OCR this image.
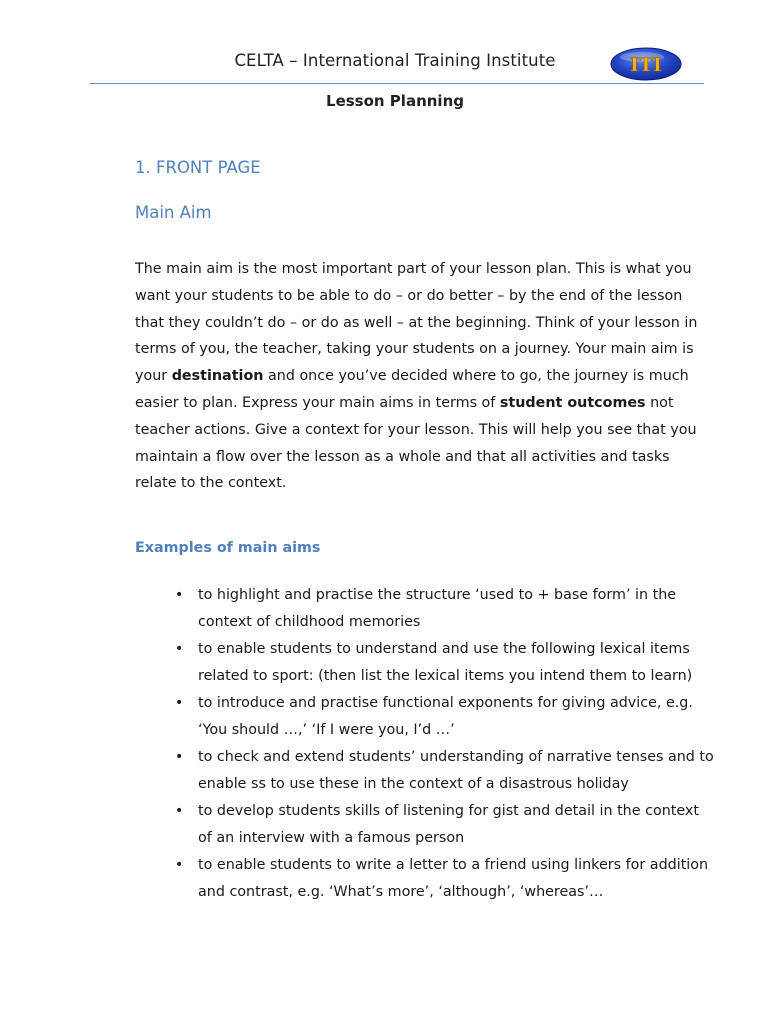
CELTA – International Training Institute	ITI
Lesson Planning
1. FRONT PAGE
Main Aim

The main aim is the most important part of your lesson plan. This is what you want your students to be able to do – or do better – by the end of the lesson that they couldn’t do – or do as well – at the beginning. Think of your lesson in terms of you, the teacher, taking your students on a journey. Your main aim is your destination and once you’ve decided where to go, the journey is much easier to plan. Express your main aims in terms of student outcomes not teacher actions. Give a context for your lesson. This will help you see that you maintain a flow over the lesson as a whole and that all activities and tasks relate to the context.

Examples of main aims
• to highlight and practise the structure ‘used to + base form’ in the context of childhood memories
• to enable students to understand and use the following lexical items related to sport: (then list the lexical items you intend them to learn)
• to introduce and practise functional exponents for giving advice, e.g. ‘You should …,’ ‘If I were you, I’d …’
• to check and extend students’ understanding of narrative tenses and to enable ss to use these in the context of a disastrous holiday
• to develop students skills of listening for gist and detail in the context of an interview with a famous person
• to enable students to write a letter to a friend using linkers for addition and contrast, e.g. ‘What’s more’, ‘although’, ‘whereas’…
